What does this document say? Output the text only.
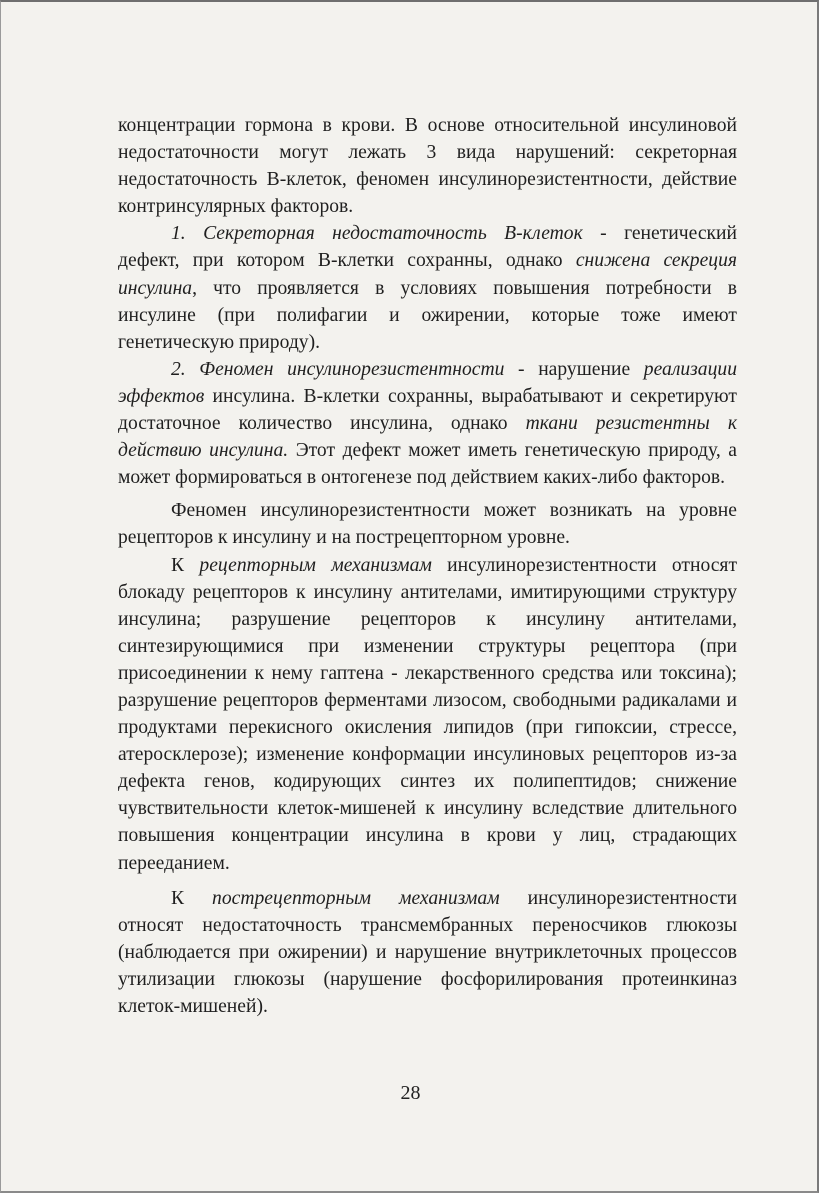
концентрации гормона в крови. В основе относительной инсулиновой недостаточности могут лежать 3 вида нарушений: секреторная недостаточность B-клеток, феномен инсулинорезистентности, действие контринсулярных факторов.

1. Секреторная недостаточность B-клеток - генетический дефект, при котором B-клетки сохранны, однако снижена секреция инсулина, что проявляется в условиях повышения потребности в инсулине (при полифагии и ожирении, которые тоже имеют генетическую природу).

2. Феномен инсулинорезистентности - нарушение реализации эффектов инсулина. B-клетки сохранны, вырабатывают и секретируют достаточное количество инсулина, однако ткани резистентны к действию инсулина. Этот дефект может иметь генетическую природу, а может формироваться в онтогенезе под действием каких-либо факторов.

Феномен инсулинорезистентности может возникать на уровне рецепторов к инсулину и на пострецепторном уровне.

К рецепторным механизмам инсулинорезистентности относят блокаду рецепторов к инсулину антителами, имитирующими структуру инсулина; разрушение рецепторов к инсулину антителами, синтезирующимися при изменении структуры рецептора (при присоединении к нему гаптена - лекарственного средства или токсина); разрушение рецепторов ферментами лизосом, свободными радикалами и продуктами перекисного окисления липидов (при гипоксии, стрессе, атеросклерозе); изменение конформации инсулиновых рецепторов из-за дефекта генов, кодирующих синтез их полипептидов; снижение чувствительности клеток-мишеней к инсулину вследствие длительного повышения концентрации инсулина в крови у лиц, страдающих перееданием.

К пострецепторным механизмам инсулинорезистентности относят недостаточность трансмембранных переносчиков глюкозы (наблюдается при ожирении) и нарушение внутриклеточных процессов утилизации глюкозы (нарушение фосфорилирования протеинкиназ клеток-мишеней).

28
